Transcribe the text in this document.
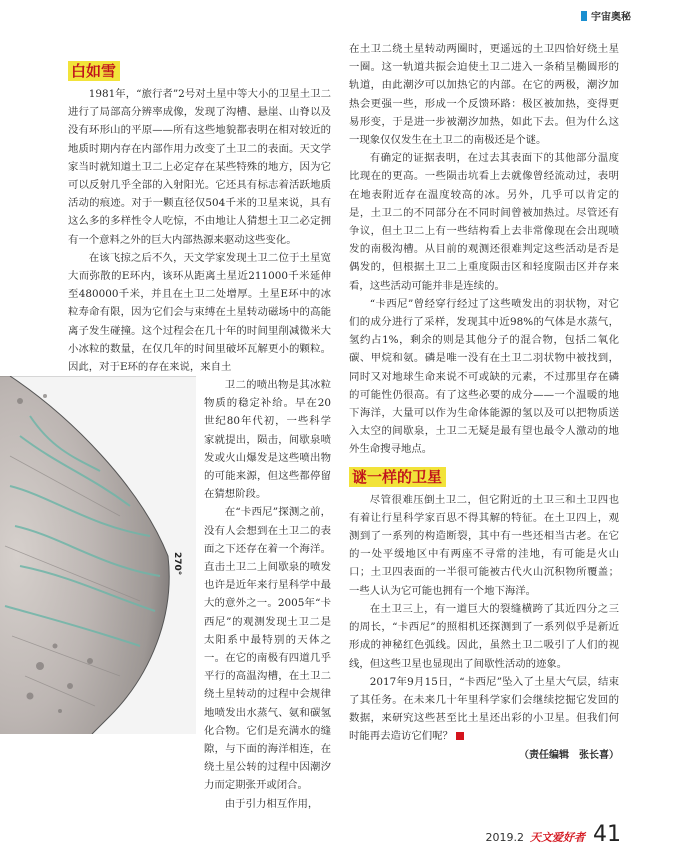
宇宙奥秘
白如雪

1981年，“旅行者”2号对土星中等大小的卫星土卫二进行了局部高分辨率成像，发现了沟槽、悬崖、山脊以及没有环形山的平原——所有这些地貌都表明在相对较近的地质时期内存在内部作用力改变了土卫二的表面。天文学家当时就知道土卫二上必定存在某些特殊的地方，因为它可以反射几乎全部的入射阳光。它还具有标志着活跃地质活动的痕迹。对于一颗直径仅504千米的卫星来说，具有这么多的多样性令人吃惊，不由地让人猜想土卫二必定拥有一个意料之外的巨大内部热源来驱动这些变化。

在该飞掠之后不久，天文学家发现土卫二位于土星宽大而弥散的E环内，该环从距离土星近211000千米延伸至480000千米，并且在土卫二处增厚。土星E环中的冰粒寿命有限，因为它们会与束缚在土星转动磁场中的高能离子发生碰撞。这个过程会在几十年的时间里削减微米大小冰粒的数量，在仅几年的时间里破坏瓦解更小的颗粒。因此，对于E环的存在来说，来自土

270°

卫二的喷出物是其冰粒物质的稳定补给。早在20世纪80年代初，一些科学家就提出，陨击，间歇泉喷发或火山爆发是这些喷出物的可能来源，但这些都停留在猜想阶段。

在“卡西尼”探测之前，没有人会想到在土卫二的表面之下还存在着一个海洋。直击土卫二上间歇泉的喷发也许是近年来行星科学中最大的意外之一。2005年“卡西尼”的观测发现土卫二是太阳系中最特别的天体之一。在它的南极有四道几乎平行的高温沟槽，在土卫二绕土星转动的过程中会规律地喷发出水蒸气、氨和碳氢化合物。它们是充满水的缝隙，与下面的海洋相连，在绕土星公转的过程中因潮汐力而定期张开或闭合。

由于引力相互作用，

在土卫二绕土星转动两圈时，更遥远的土卫四恰好绕土星一圈。这一轨道共振会迫使土卫二进入一条稍呈椭圆形的轨道，由此潮汐可以加热它的内部。在它的两极，潮汐加热会更强一些，形成一个反馈环路：极区被加热，变得更易形变，于是进一步被潮汐加热，如此下去。但为什么这一现象仅仅发生在土卫二的南极还是个谜。

有确定的证据表明，在过去其表面下的其他部分温度比现在的更高。一些陨击坑看上去就像曾经流动过，表明在地表附近存在温度较高的冰。另外，几乎可以肯定的是，土卫二的不同部分在不同时间曾被加热过。尽管还有争议，但土卫二上有一些结构看上去非常像现在会出现喷发的南极沟槽。从目前的观测还很难判定这些活动是否是偶发的，但根据土卫二上重度陨击区和轻度陨击区并存来看，这些活动可能并非是连续的。

“卡西尼”曾经穿行经过了这些喷发出的羽状物，对它们的成分进行了采样，发现其中近98%的气体是水蒸气，氢约占1%，剩余的则是其他分子的混合物，包括二氧化碳、甲烷和氨。磷是唯一没有在土卫二羽状物中被找到，同时又对地球生命来说不可或缺的元素，不过那里存在磷的可能性仍很高。有了这些必要的成分——一个温暖的地下海洋，大量可以作为生命体能源的氢以及可以把物质送入太空的间歇泉，土卫二无疑是最有望也最令人激动的地外生命搜寻地点。

谜一样的卫星

尽管很难压倒土卫二，但它附近的土卫三和土卫四也有着让行星科学家百思不得其解的特征。在土卫四上，观测到了一系列的构造断裂，其中有一些还相当古老。在它的一处平缓地区中有两座不寻常的洼地，有可能是火山口；土卫四表面的一半很可能被古代火山沉积物所覆盖；一些人认为它可能也拥有一个地下海洋。

在土卫三上，有一道巨大的裂缝横跨了其近四分之三的周长，“卡西尼”的照相机还探测到了一系列似乎是新近形成的神秘红色弧线。因此，虽然土卫二吸引了人们的视线，但这些卫星也显现出了间歇性活动的迹象。

2017年9月15日，“卡西尼”坠入了土星大气层，结束了其任务。在未来几十年里科学家们会继续挖掘它发回的数据，来研究这些甚至比土星还出彩的小卫星。但我们何时能再去造访它们呢？

（责任编辑　张长喜）
2019.2 天文爱好者 41
